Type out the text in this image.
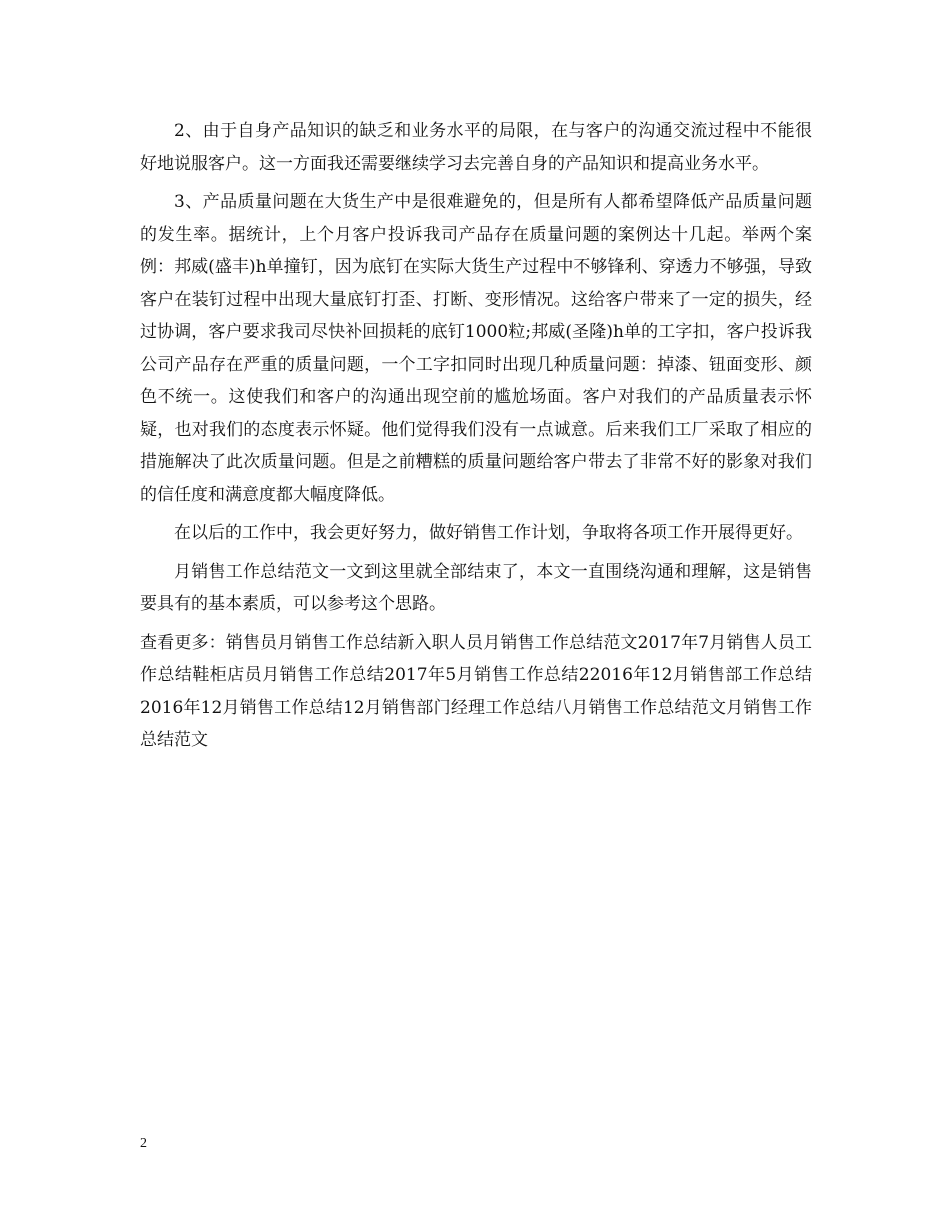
2、由于自身产品知识的缺乏和业务水平的局限，在与客户的沟通交流过程中不能很好地说服客户。这一方面我还需要继续学习去完善自身的产品知识和提高业务水平。

3、产品质量问题在大货生产中是很难避免的，但是所有人都希望降低产品质量问题的发生率。据统计，上个月客户投诉我司产品存在质量问题的案例达十几起。举两个案例：邦威(盛丰)h单撞钉，因为底钉在实际大货生产过程中不够锋利、穿透力不够强，导致客户在装钉过程中出现大量底钉打歪、打断、变形情况。这给客户带来了一定的损失，经过协调，客户要求我司尽快补回损耗的底钉1000粒;邦威(圣隆)h单的工字扣，客户投诉我公司产品存在严重的质量问题，一个工字扣同时出现几种质量问题：掉漆、钮面变形、颜色不统一。这使我们和客户的沟通出现空前的尴尬场面。客户对我们的产品质量表示怀疑，也对我们的态度表示怀疑。他们觉得我们没有一点诚意。后来我们工厂采取了相应的措施解决了此次质量问题。但是之前糟糕的质量问题给客户带去了非常不好的影象对我们的信任度和满意度都大幅度降低。

在以后的工作中，我会更好努力，做好销售工作计划，争取将各项工作开展得更好。

月销售工作总结范文一文到这里就全部结束了，本文一直围绕沟通和理解，这是销售要具有的基本素质，可以参考这个思路。

查看更多：销售员月销售工作总结新入职人员月销售工作总结范文2017年7月销售人员工作总结鞋柜店员月销售工作总结2017年5月销售工作总结22016年12月销售部工作总结2016年12月销售工作总结12月销售部门经理工作总结八月销售工作总结范文月销售工作总结范文

2
